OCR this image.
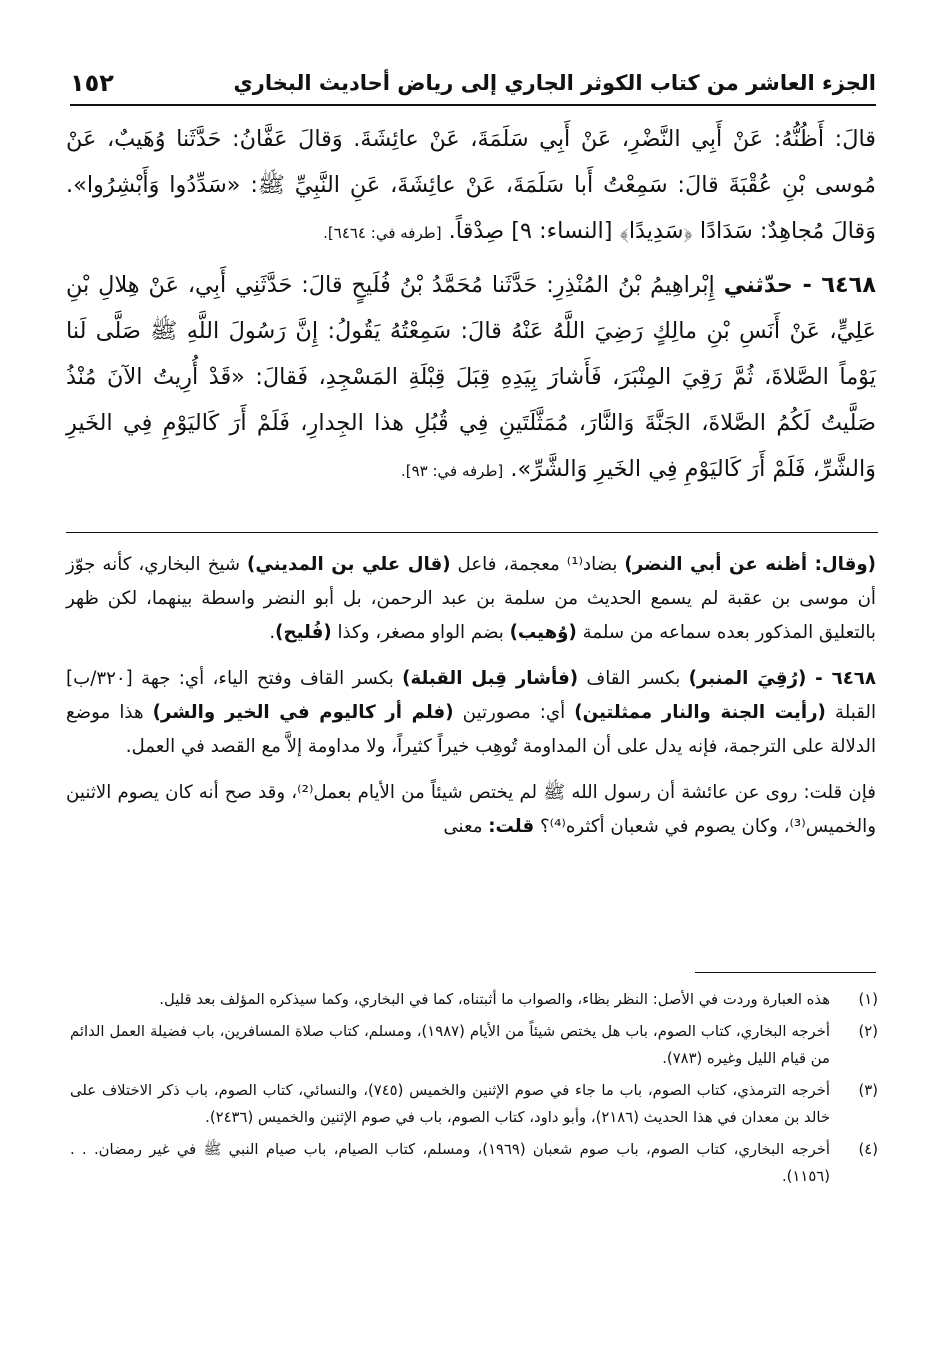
الجزء العاشر من كتاب الكوثر الجاري إلى رياض أحاديث البخاري
١٥٢

قالَ: أَظُنُّهُ: عَنْ أَبِي النَّضْرِ، عَنْ أَبِي سَلَمَةَ، عَنْ عائِشَةَ. وَقالَ عَفَّانُ: حَدَّثَنا وُهَيبٌ، عَنْ مُوسى بْنِ عُقْبَةَ قالَ: سَمِعْتُ أَبا سَلَمَةَ، عَنْ عائِشَةَ، عَنِ النَّبِيِّ ﷺ: «سَدِّدُوا وَأَبْشِرُوا». وَقالَ مُجاهِدٌ: سَدَادًا ﴿سَدِيدًا﴾ [النساء: ٩] صِدْقاً. [طرفه في: ٦٤٦٤].

٦٤٦٨ - حدّثني إِبْراهِيمُ بْنُ المُنْذِرِ: حَدَّثَنا مُحَمَّدُ بْنُ فُلَيحٍ قالَ: حَدَّثَنِي أَبِي، عَنْ هِلالِ بْنِ عَلِيٍّ، عَنْ أَنَسِ بْنِ مالِكٍ رَضِيَ اللَّهُ عَنْهُ قالَ: سَمِعْتُهُ يَقُولُ: إِنَّ رَسُولَ اللَّهِ ﷺ صَلَّى لَنا يَوْماً الصَّلاةَ، ثُمَّ رَقِيَ المِنْبَرَ، فَأَشارَ بِيَدِهِ قِبَلَ قِبْلَةِ المَسْجِدِ، فَقالَ: «قَدْ أُرِيتُ الآنَ مُنْذُ صَلَّيتُ لَكُمُ الصَّلاةَ، الجَنَّةَ وَالنَّارَ، مُمَثَّلَتَينِ فِي قُبُلِ هذا الجِدارِ، فَلَمْ أَرَ كَاليَوْمِ فِي الخَيرِ وَالشَّرِّ، فَلَمْ أَرَ كَاليَوْمِ فِي الخَيرِ وَالشَّرِّ». [طرفه في: ٩٣].

(وقال: أظنه عن أبي النضر) بضاد⁽¹⁾ معجمة، فاعل (قال علي بن المديني) شيخ البخاري، كأنه جوّز أن موسى بن عقبة لم يسمع الحديث من سلمة بن عبد الرحمن، بل أبو النضر واسطة بينهما، لكن ظهر بالتعليق المذكور بعده سماعه من سلمة (وُهيب) بضم الواو مصغر، وكذا (فُليح).

٦٤٦٨ - (رُقِيَ المنبر) بكسر القاف (فأشار قِبل القبلة) بكسر القاف وفتح الياء، أي: جهة [٣٢٠/ب] القبلة (رأيت الجنة والنار ممثلتين) أي: مصورتين (فلم أر كاليوم في الخير والشر) هذا موضع الدلالة على الترجمة، فإنه يدل على أن المداومة تُوهِب خيراً كثيراً، ولا مداومة إلاَّ مع القصد في العمل.

فإن قلت: روى عن عائشة أن رسول الله ﷺ لم يختص شيئاً من الأيام بعمل⁽²⁾، وقد صح أنه كان يصوم الاثنين والخميس⁽³⁾، وكان يصوم في شعبان أكثره⁽⁴⁾؟ قلت: معنى

(١)
هذه العبارة وردت في الأصل: النظر بظاء، والصواب ما أثبتناه، كما في البخاري، وكما سيذكره المؤلف بعد قليل.
(٢)
أخرجه البخاري، كتاب الصوم، باب هل يختص شيئاً من الأيام (١٩٨٧)، ومسلم، كتاب صلاة المسافرين، باب فضيلة العمل الدائم من قيام الليل وغيره (٧٨٣).
(٣)
أخرجه الترمذي، كتاب الصوم، باب ما جاء في صوم الإثنين والخميس (٧٤٥)، والنسائي، كتاب الصوم، باب ذكر الاختلاف على خالد بن معدان في هذا الحديث (٢١٨٦)، وأبو داود، كتاب الصوم، باب في صوم الإثنين والخميس (٢٤٣٦).
(٤)
أخرجه البخاري، كتاب الصوم، باب صوم شعبان (١٩٦٩)، ومسلم، كتاب الصيام، باب صيام النبي ﷺ في غير رمضان. . . (١١٥٦).
